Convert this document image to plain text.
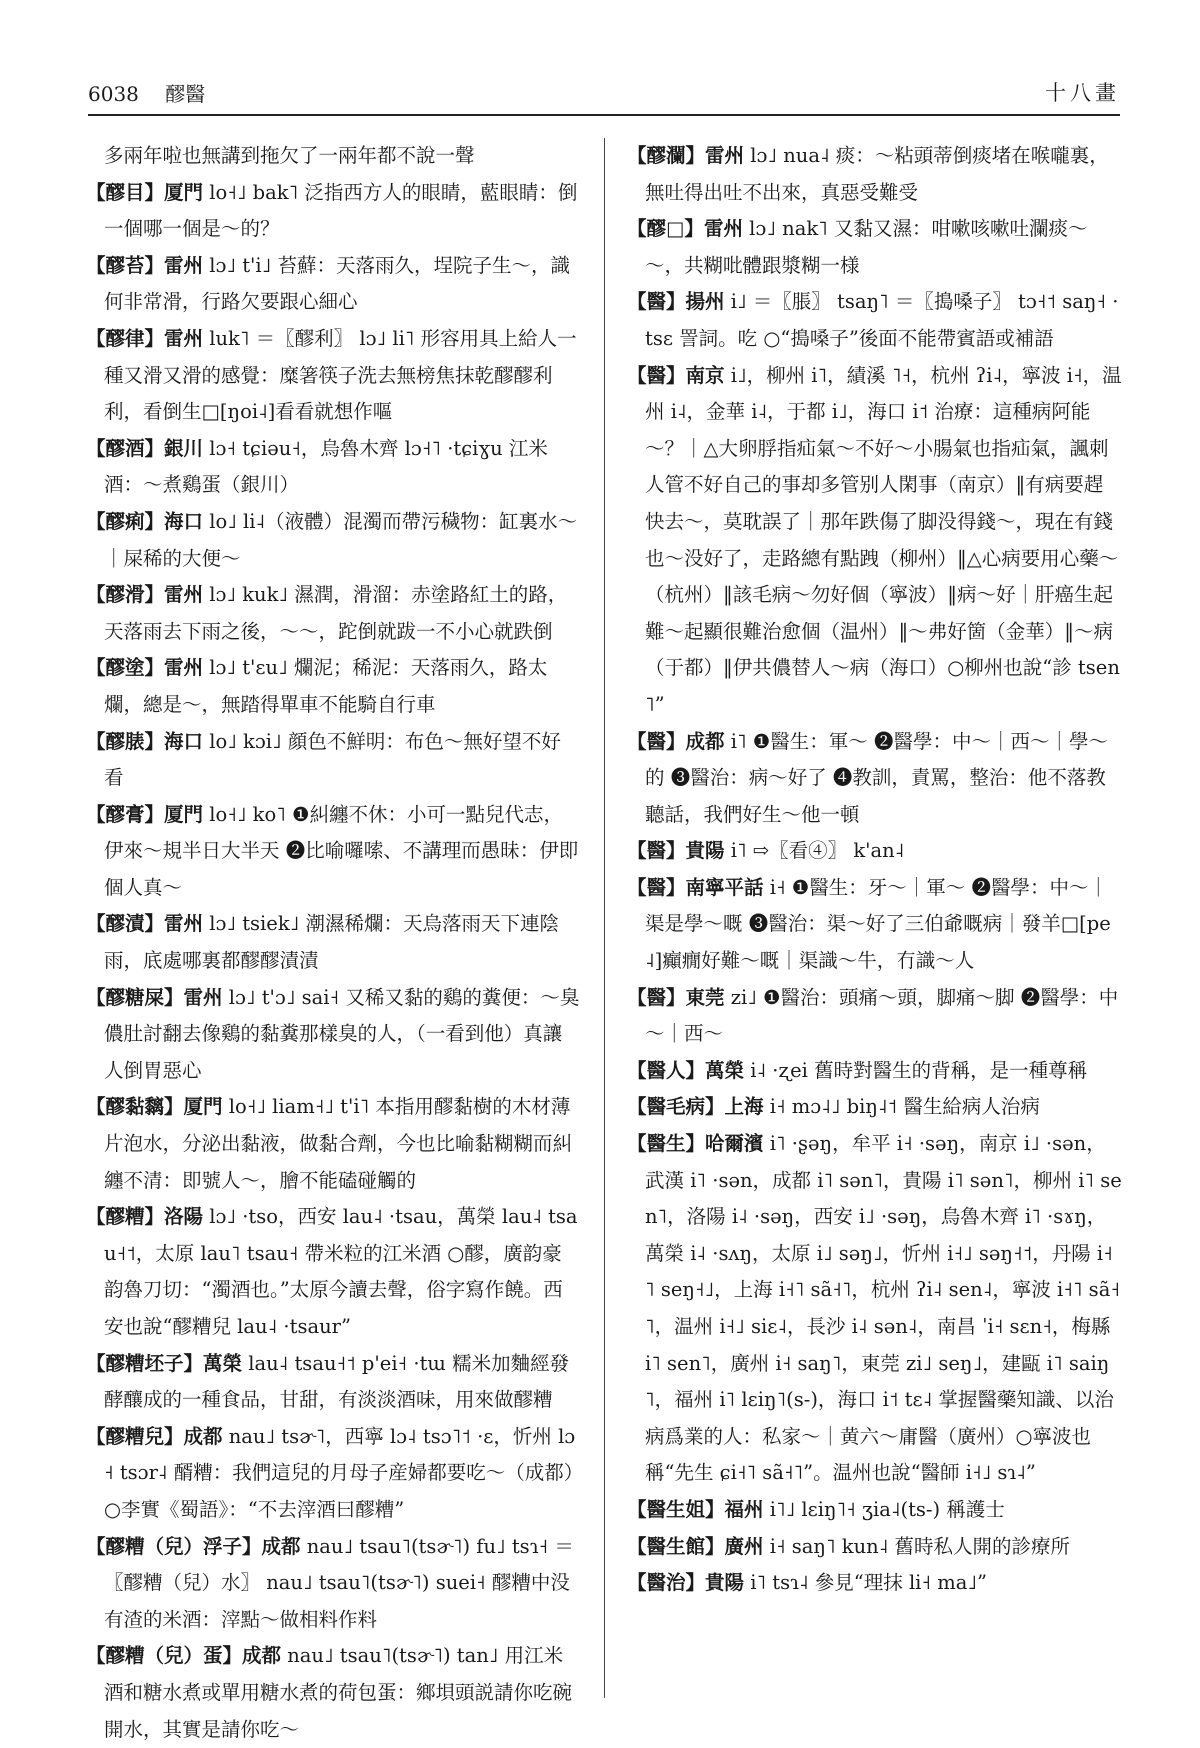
6038 醪醫	十八畫
多兩年啦也無講到拖欠了一兩年都不說一聲
【醪目】厦門 lo˧˩ bak˥ 泛指西方人的眼睛，藍眼睛：倒一個哪一個是～的？
【醪苔】雷州 lɔ˩ t'i˩ 苔蘚：天落雨久，埕院子生～，識何非常滑，行路欠要跟心細心
【醪律】雷州 luk˥ ＝〖醪利〗 lɔ˩ li˥ 形容用具上給人一種又滑又滑的感覺：糜箸筷子洗去無榜焦抹乾醪醪利利，看倒生□[ŋoi˨]看看就想作嘔
【醪酒】銀川 lɔ˧ tɕiəu˧，烏魯木齊 lɔ˧˥ ·tɕiɣu 江米酒：～煮鷄蛋（銀川）
【醪痢】海口 lo˩ li˨（液體）混濁而帶污穢物：缸裏水～｜屎稀的大便～
【醪滑】雷州 lɔ˩ kuk˩ 濕潤，滑溜：赤塗路紅土的路，天落雨去下雨之後，～～，跎倒就跋一不小心就跌倒
【醪塗】雷州 lɔ˩ t'ɛu˩ 爛泥；稀泥：天落雨久，路太爛，總是～，無踏得單車不能騎自行車
【醪脿】海口 lo˩ kɔi˩ 顔色不鮮明：布色～無好望不好看
【醪膏】厦門 lo˧˩ ko˥ ❶糾纏不休：小可一點兒代志，伊來～規半日大半天 ❷比喻囉嗦、不講理而愚昧：伊即個人真～
【醪漬】雷州 lɔ˩ tsiek˩ 潮濕稀爛：天烏落雨天下連陰雨，底處哪裏都醪醪漬漬
【醪糖屎】雷州 lɔ˩ t'ɔ˩ sai˧ 又稀又黏的鷄的糞便：～臭儂肚討翻去像鷄的黏糞那樣臭的人，（一看到他）真讓人倒胃惡心
【醪黏黐】厦門 lo˧˩ liam˧˩ t'i˥ 本指用醪黏樹的木材薄片泡水，分泌出黏液，做黏合劑，今也比喻黏糊糊而糾纏不清：即號人～，膾不能磕碰觸的
【醪糟】洛陽 lɔ˩ ·tso，西安 lau˨ ·tsau，萬榮 lau˨ tsau˧˦，太原 lau˥ tsau˧ 帶米粒的江米酒 ○醪，廣韵豪韵魯刀切：“濁酒也。”太原今讀去聲，俗字寫作饒。西安也說“醪糟兒 lau˨ ·tsaur”
【醪糟坯子】萬榮 lau˨ tsau˧˦ p'ei˧ ·tɯ 糯米加麯經發酵釀成的一種食品，甘甜，有淡淡酒味，用來做醪糟
【醪糟兒】成都 nau˩ tsɚ˥，西寧 lɔ˨ tsɔ˥˦ ·ɛ，忻州 lɔ˧ tsɔr˨ 醑糟：我們這兒的月母子産婦都要吃～（成都）○李實《蜀語》：“不去滓酒曰醪糟”
【醪糟（兒）浮子】成都 nau˩ tsau˥(tsɚ˥) fu˩ tsɿ˧ ＝〖醪糟（兒）水〗 nau˩ tsau˥(tsɚ˥) suei˧ 醪糟中没有渣的米酒：滓點～做相料作料
【醪糟（兒）蛋】成都 nau˩ tsau˥(tsɚ˥) tan˩ 用江米酒和糖水煮或單用糖水煮的荷包蛋：鄉垻頭説請你吃碗開水，其實是請你吃～
【醪瀾】雷州 lɔ˩ nua˨ 痰：～粘頭蒂倒痰堵在喉嚨裏，無吐得出吐不出來，真惡受難受
【醪□】雷州 lɔ˩ nak˥ 又黏又濕：咁嗽咳嗽吐瀾痰～～，共糊吡體跟漿糊一様
【醫】揚州 i˩ ＝〖脹〗 tsaŋ˥ ＝〖搗嗓子〗 tɔ˧˦ saŋ˧ ·tsɛ 詈詞。吃 ○“搗嗓子”後面不能帶賓語或補語
【醫】南京 i˩，柳州 i˥，績溪 ˥˧，杭州 ʔi˨，寧波 i˧，温州 i˨，金華 i˨，于都 i˩，海口 i˦ 治療：這種病阿能～？｜△大卵脬指疝氣～不好～小腸氣也指疝氣，諷刺人管不好自己的事却多管别人閑事（南京）‖有病要趕快去～，莫耽誤了｜那年跌傷了脚没得錢～，現在有錢也～没好了，走路總有點跩（柳州）‖△心病要用心藥～（杭州）‖該毛病～勿好個（寧波）‖病～好｜肝癌生起難～起顯很難治愈個（温州）‖～弗好箇（金華）‖～病（于都）‖伊共儂替人～病（海口）○柳州也說“診 tsen˥”
【醫】成都 i˥ ❶醫生：軍～ ❷醫學：中～｜西～｜學～的 ❸醫治：病～好了 ❹教訓，責罵，整治：他不落教聽話，我們好生～他一頓
【醫】貴陽 i˥ ⇨〖看④〗 k'an˨
【醫】南寧平話 i˧ ❶醫生：牙～｜軍～ ❷醫學：中～｜渠是學～嘅 ❸醫治：渠～好了三伯爺嘅病｜發羊□[pe˨]癲癇好難～嘅｜渠識～牛，冇識～人
【醫】東莞 zi˩ ❶醫治：頭痛～頭，脚痛～脚 ❷醫學：中～｜西～
【醫人】萬榮 i˨ ·ʐei 舊時對醫生的背稱，是一種尊稱
【醫毛病】上海 i˧ mɔ˨˩ biŋ˨˦ 醫生給病人治病
【醫生】哈爾濱 i˥ ·ʂəŋ，牟平 i˧ ·səŋ，南京 i˩ ·sən，武漢 i˥ ·sən，成都 i˥ sən˥，貴陽 i˥ sən˥，柳州 i˥ sen˥，洛陽 i˨ ·səŋ，西安 i˩ ·səŋ，烏魯木齊 i˥ ·sɤŋ，萬榮 i˨ ·sʌŋ，太原 i˩ səŋ˩，忻州 i˧˩ səŋ˧˦，丹陽 i˧˥ seŋ˧˩，上海 i˧˥ sã˧˥，杭州 ʔi˨ sen˨，寧波 i˧˥ sã˧˥，温州 i˧˩ siɛ˨，長沙 i˨ sən˨，南昌 ˈi˧ sɛn˧，梅縣 i˥ sen˥，廣州 i˧ saŋ˥，東莞 zi˩ seŋ˩，建甌 i˥ saiŋ˥，福州 i˥ lɛiŋ˥(s-)，海口 i˦ tɛ˨ 掌握醫藥知識、以治病爲業的人：私家～｜黄六～庸醫（廣州）○寧波也稱“先生 ɕi˧˥ sã˧˥”。温州也說“醫師 i˧˩ sɿ˨”
【醫生姐】福州 i˥˩ lɛiŋ˥˧ ʒia˨(ts-) 稱護士
【醫生館】廣州 i˧ saŋ˥ kun˨ 舊時私人開的診療所
【醫治】貴陽 i˥ tsɿ˨ 參見“理抹 li˧ ma˩”
